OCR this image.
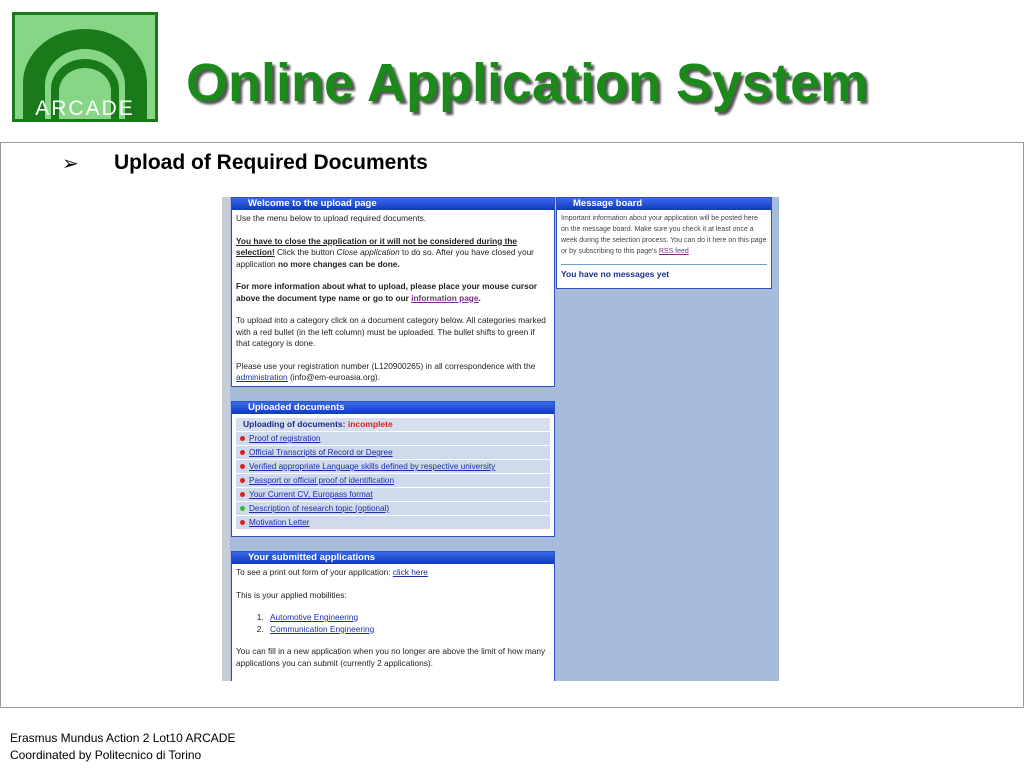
ARCADE Online Application System
➢ Upload of Required Documents
Welcome to the upload page

Use the menu below to upload required documents.

You have to close the application or it will not be considered during the selection! Click the button Close application to do so. After you have closed your application no more changes can be done.

For more information about what to upload, please place your mouse cursor above the document type name or go to our information page.

To upload into a category click on a document category below. All categories marked with a red bullet (in the left column) must be uploaded. The bullet shifts to green if that category is done.

Please use your registration number (L120900265) in all correspondence with the administration (info@em-euroasia.org).

Message board
Important information about your application will be posted here on the message board. Make sure you check it at least once a week during the selection process. You can do it here on this page or by subscribing to this page's RSS feed
You have no messages yet
Uploaded documents
Uploading of documents: incomplete
Proof of registration
Official Transcripts of Record or Degree
Verified appropriate Language skills defined by respective university
Passport or official proof of identification
Your Current CV, Europass format
Description of research topic (optional)
Motivation Letter
Your submitted applications

To see a print out form of your application: click here

This is your applied mobilities:

1. Automotive Engineering
2. Communication Engineering

You can fill in a new application when you no longer are above the limit of how many applications you can submit (currently 2 applications).

Erasmus Mundus Action 2 Lot10 ARCADE
Coordinated by Politecnico di Torino
